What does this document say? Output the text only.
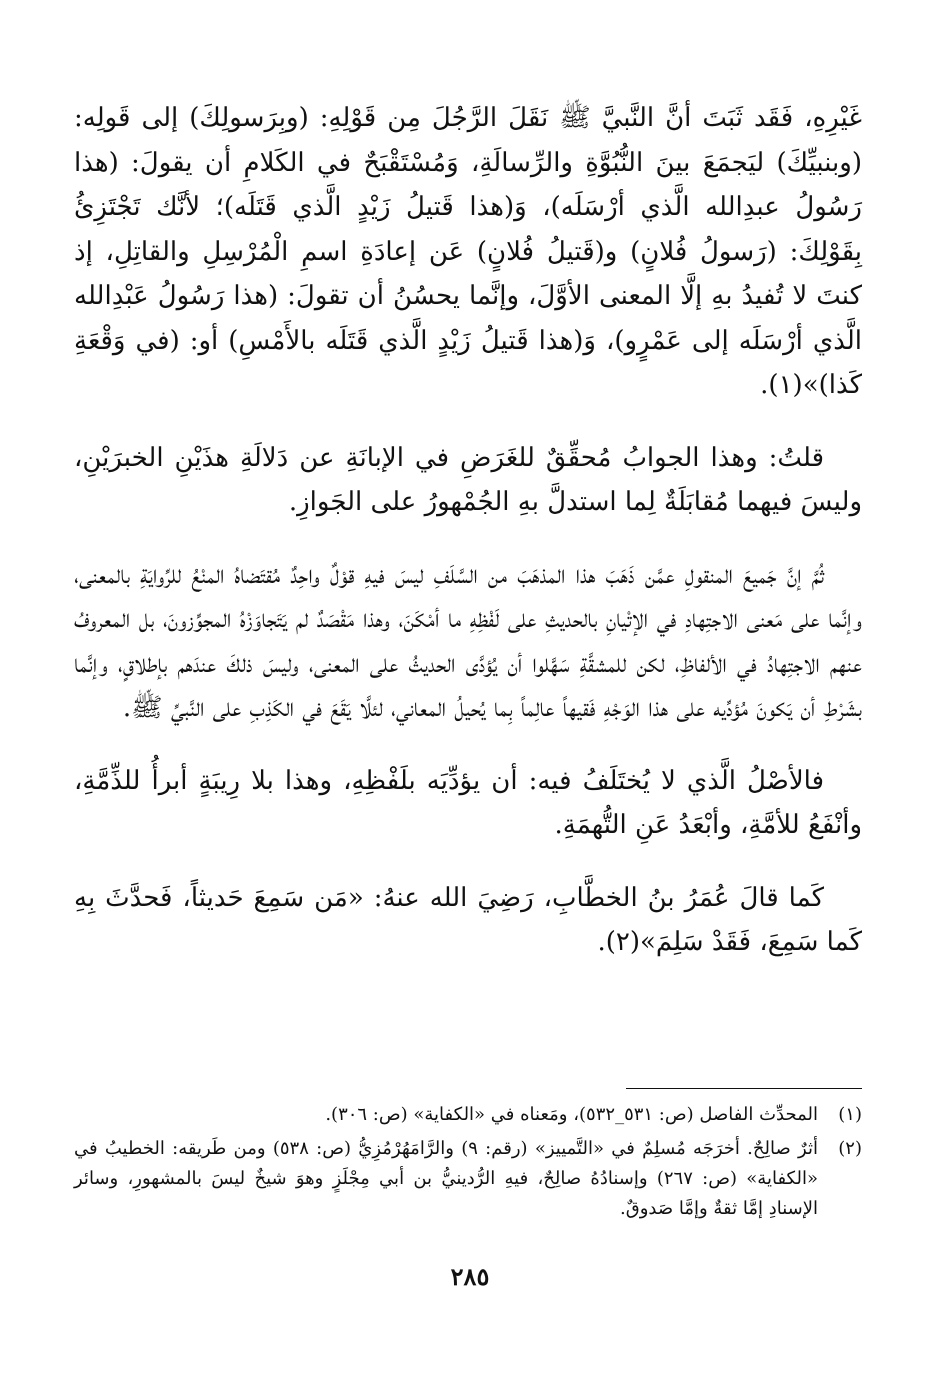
غَيْرِهِ، فَقَد ثَبَتَ أنَّ النَّبيَّ ﷺ نَقَلَ الرَّجُلَ مِن قَوْلِهِ: (وبِرَسولِكَ) إلى قَولِه: (وبنبيِّكَ) ليَجمَعَ بينَ النُّبُوَّةِ والرِّسالَةِ، وَمُسْتَقْبَحٌ في الكَلامِ أن يقولَ: (هذا رَسُولُ عبدِالله الَّذي أرْسَلَه)، وَ(هذا قَتيلُ زَيْدٍ الَّذي قَتَلَه)؛ لأنَّك تَجْتَزِئُ بِقَوْلِكَ: (رَسولُ فُلانٍ) و(قَتيلُ فُلانٍ) عَن إعادَةِ اسمِ الْمُرْسِلِ والقاتِلِ، إذ كنتَ لا تُفيدُ بهِ إلَّا المعنى الأوَّلَ، وإنَّما يحسُنُ أن تقولَ: (هذا رَسُولُ عَبْدِالله الَّذي أرْسَلَه إلى عَمْرٍو)، وَ(هذا قَتيلُ زَيْدٍ الَّذي قَتَلَه بالأَمْسِ) أو: (في وَقْعَةِ كَذا)»(١).

قلتُ: وهذا الجوابُ مُحقِّقٌ للغَرَضِ في الإبانَةِ عن دَلالَةِ هذَيْنِ الخبرَيْنِ، وليسَ فيهما مُقابَلَةٌ لِما استدلَّ بهِ الجُمْهورُ على الجَوازِ.

ثُمَّ إنَّ جَميعَ المنقولِ عمَّن ذَهَبَ هذا المذهَبَ من السَّلَفِ ليسَ فيهِ قوْلٌ واحِدٌ مُقتَضاهُ المنْعُ للرِّوايَةِ بالمعنى، وإنَّما على مَعنى الاجتِهادِ في الإتْيانِ بالحديثِ على لَفْظِهِ ما أمْكَنَ، وهذا مَقْصَدٌ لم يَتَجاوَزْهُ المجوِّزونَ، بل المعروفُ عنهم الاجتِهادُ في الألفاظِ، لكن للمشقَّةِ سَهَّلوا أن يُؤدَّى الحديثُ على المعنى، وليسَ ذلكَ عندَهم بإطلاقٍ، وإنَّما بشَرْطِ أن يَكونَ مُؤدِّيه على هذا الوَجْهِ فَقيهاً عالِماً بِما يُحيلُ المعاني، لئلَّا يَقَعَ في الكَذِبِ على النَّبيِّ ﷺ.

فالأصْلُ الَّذي لا يُختَلَفُ فيه: أن يؤدِّيَه بلَفْظِهِ، وهذا بلا رِيبَةٍ أبرأُ للذِّمَّةِ، وأنْفَعُ للأمَّةِ، وأبْعَدُ عَنِ التُّهمَةِ.

كَما قالَ عُمَرُ بنُ الخطَّابِ، رَضِيَ الله عنهُ: «مَن سَمِعَ حَديثاً، فَحدَّثَ بِهِ كَما سَمِعَ، فَقَدْ سَلِمَ»(٢).

(١)المحدِّث الفاصل (ص: ٥٣١_٥٣٢)، ومَعناه في «الكفاية» (ص: ٣٠٦).

(٢)أثرٌ صالِحٌ. أخرَجَه مُسلِمٌ في «التَّمييز» (رقم: ٩) والرَّامَهُرْمُزِيُّ (ص: ٥٣٨) ومن طَريقه: الخطيبُ في «الكفاية» (ص: ٢٦٧) وإسنادُهُ صالِحٌ، فيهِ الرُّدينيُّ بن أبي مِجْلَزٍ وهوَ شيخٌ ليسَ بالمشهورِ، وسائر الإسنادِ إمَّا ثقةٌ وإمَّا صَدوقٌ.

٢٨٥
